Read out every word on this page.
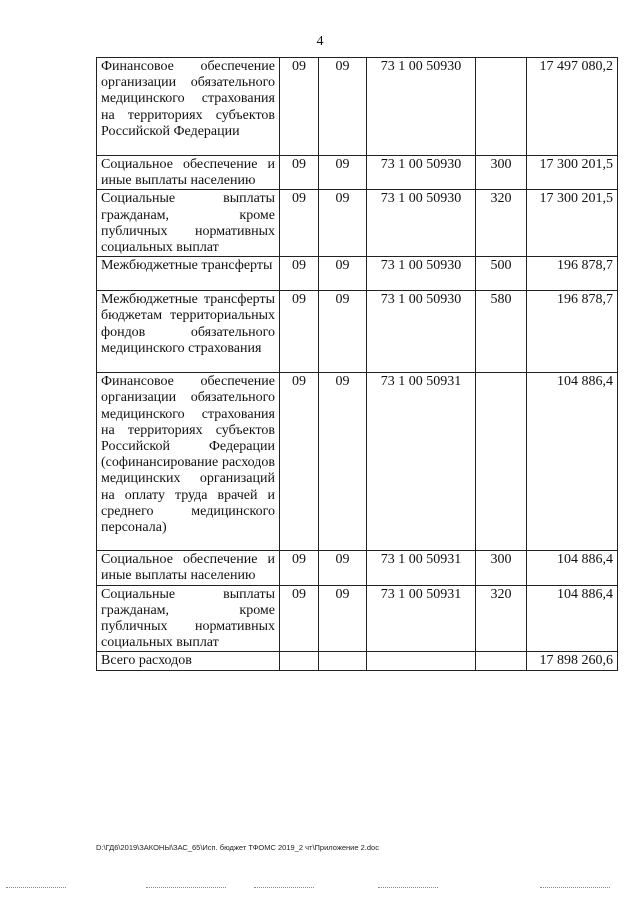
4
Финансовое обеспечение организации обязательного медицинского страхования на территориях субъектов Российской Федерации	09	09	73 1 00 50930		17 497 080,2
Социальное обеспечение и иные выплаты населению	09	09	73 1 00 50930	300	17 300 201,5
Социальные выплаты гражданам, кроме публичных нормативных социальных выплат	09	09	73 1 00 50930	320	17 300 201,5
Межбюджетные трансферты	09	09	73 1 00 50930	500	196 878,7
Межбюджетные трансферты бюджетам территориальных фондов обязательного медицинского страхования	09	09	73 1 00 50930	580	196 878,7
Финансовое обеспечение организации обязательного медицинского страхования на территориях субъектов Российской Федерации (софинансирование расходов медицинских организаций на оплату труда врачей и среднего медицинского персонала)	09	09	73 1 00 50931		104 886,4
Социальное обеспечение и иные выплаты населению	09	09	73 1 00 50931	300	104 886,4
Социальные выплаты гражданам, кроме публичных нормативных социальных выплат	09	09	73 1 00 50931	320	104 886,4
Всего расходов					17 898 260,6
D:\ГД6\2019\ЗАКОНЫ\ЗАС_65\Исп. бюджет ТФОМС 2019_2 чт\Приложение 2.doc
